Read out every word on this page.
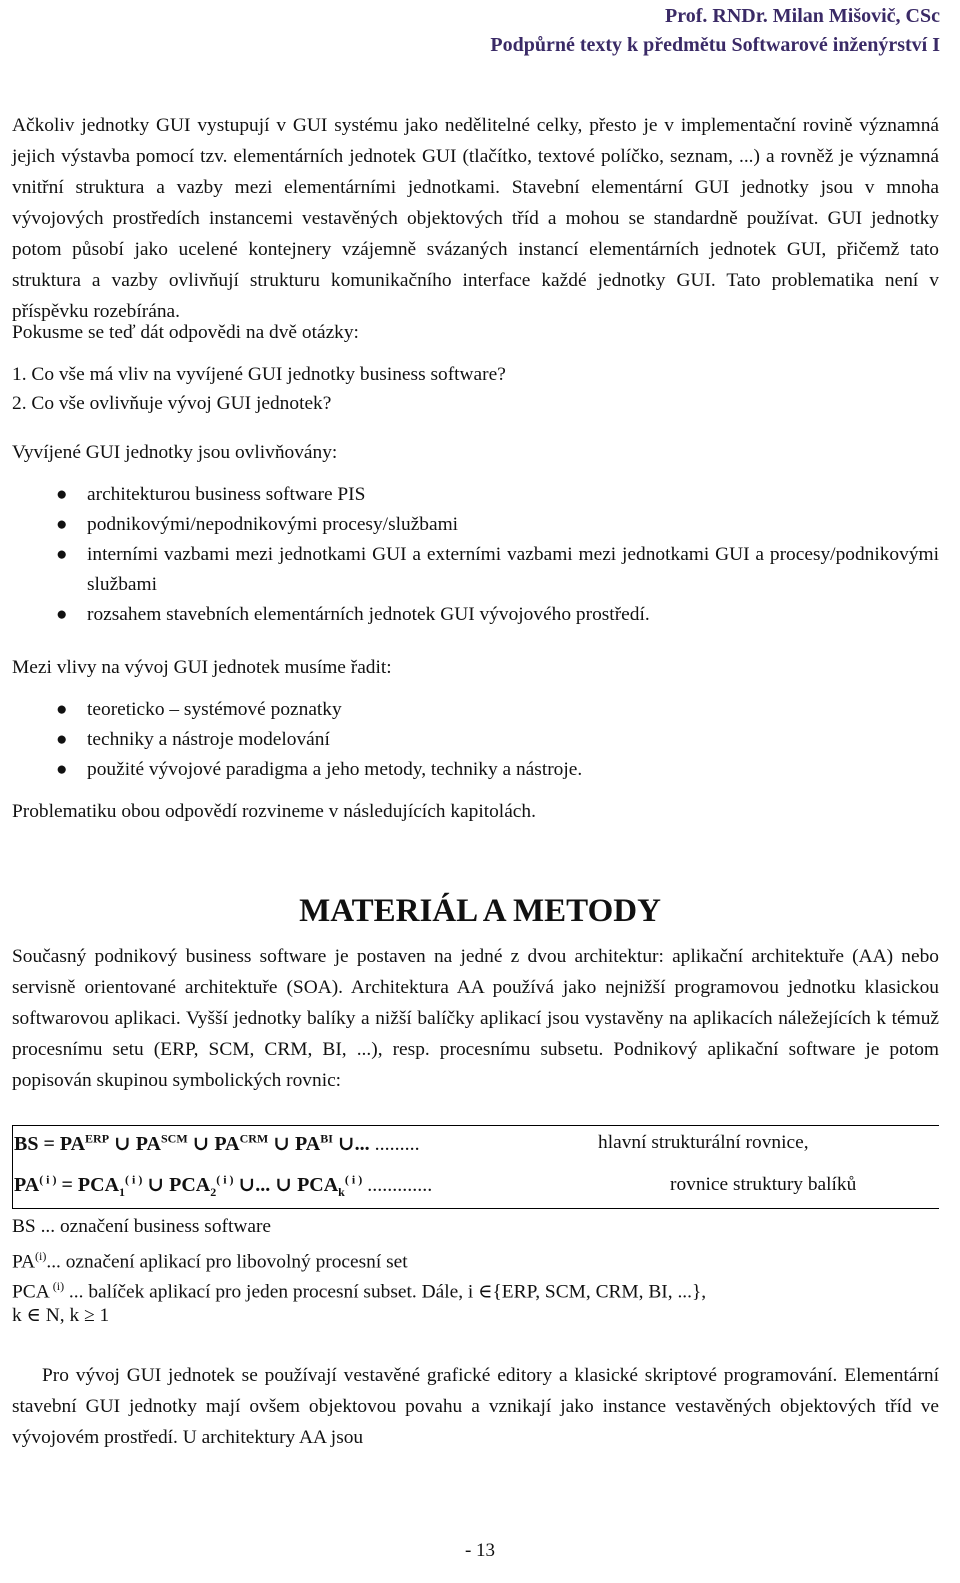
Prof. RNDr. Milan Mišovič, CSc
Podpůrné texty k předmětu Softwarové inženýrství I
Ačkoliv jednotky GUI vystupují v GUI systému jako nedělitelné celky, přesto je v implementační rovině významná jejich výstavba pomocí tzv. elementárních jednotek GUI (tlačítko, textové políčko, seznam, ...) a rovněž je významná vnitřní struktura a vazby mezi elementárními jednotkami. Stavební elementární GUI jednotky jsou v mnoha vývojových prostředích instancemi vestavěných objektových tříd a mohou se standardně používat. GUI jednotky potom působí jako ucelené kontejnery vzájemně svázaných instancí elementárních jednotek GUI, přičemž tato struktura a vazby ovlivňují strukturu komunikačního interface každé jednotky GUI. Tato problematika není v příspěvku rozebírána.
Pokusme se teď dát odpovědi na dvě otázky:
1. Co vše má vliv na vyvíjené GUI jednotky business software?
2. Co vše ovlivňuje vývoj GUI jednotek?
Vyvíjené GUI jednotky jsou ovlivňovány:
● architekturou business software PIS
● podnikovými/nepodnikovými procesy/službami
● interními vazbami mezi jednotkami GUI a externími vazbami mezi jednotkami GUI a procesy/podnikovými službami
● rozsahem stavebních elementárních jednotek GUI vývojového prostředí.
Mezi vlivy na vývoj GUI jednotek musíme řadit:
● teoreticko – systémové poznatky
● techniky a nástroje modelování
● použité vývojové paradigma a jeho metody, techniky a nástroje.
Problematiku obou odpovědí rozvineme v následujících kapitolách.
MATERIÁL A METODY
Současný podnikový business software je postaven na jedné z dvou architektur: aplikační architektuře (AA) nebo servisně orientované architektuře (SOA). Architektura AA používá jako nejnižší programovou jednotku klasickou softwarovou aplikaci. Vyšší jednotky balíky a nižší balíčky aplikací jsou vystavěny na aplikacích náležejících k témuž procesnímu setu (ERP, SCM, CRM, BI, ...), resp. procesnímu subsetu. Podnikový aplikační software je potom popisován skupinou symbolických rovnic:
BS = $PA^{ERP}$ ∪ $PA^{SCM}$ ∪ $PA^{CRM}$ ∪ $PA^{BI}$ ∪... .........	hlavní strukturální rovnice,
$PA^{( i )} = PCA_1^{( i )}$ ∪ $PCA_2^{( i )}$ ∪... ∪ $PCA_k^{( i )}$ .............	rovnice struktury balíků
BS ... označení business software
PA$^{(i)}$... označení aplikací pro libovolný procesní set
PCA $^{(i)}$ ... balíček aplikací pro jeden procesní subset. Dále, i ∈{ERP, SCM, CRM, BI, ...},
k ∈ N, k ≥ 1
Pro vývoj GUI jednotek se používají vestavěné grafické editory a klasické skriptové programování. Elementární stavební GUI jednotky mají ovšem objektovou povahu a vznikají jako instance vestavěných objektových tříd ve vývojovém prostředí. U architektury AA jsou
- 13
